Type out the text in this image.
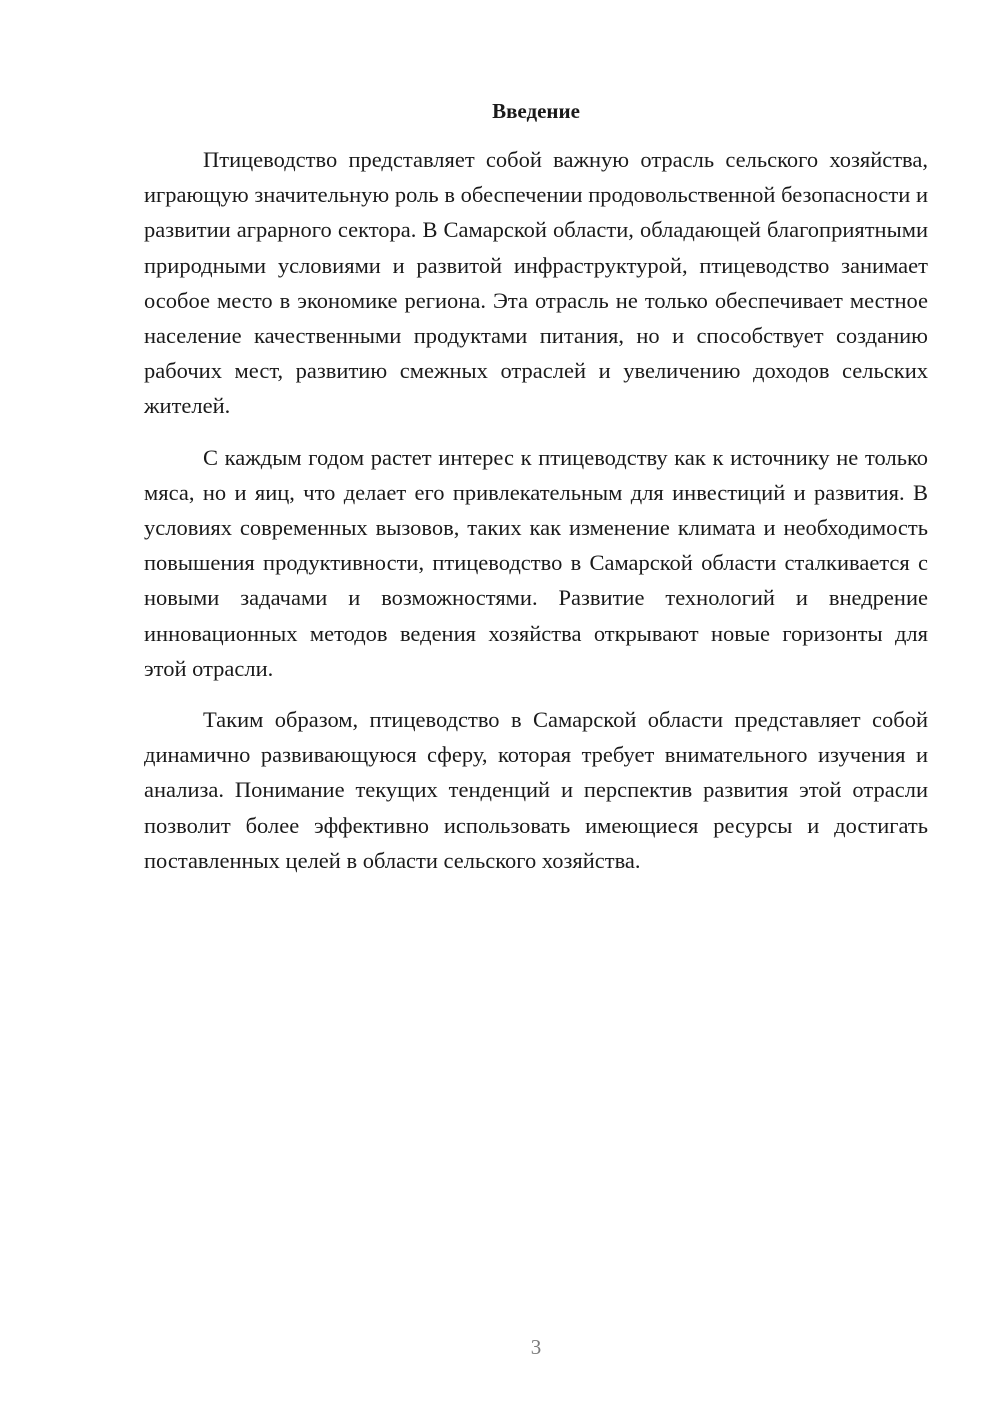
Введение

Птицеводство представляет собой важную отрасль сельского хозяйства, играющую значительную роль в обеспечении продовольственной безопасности и развитии аграрного сектора. В Самарской области, обладающей благоприятными природными условиями и развитой инфраструктурой, птицеводство занимает особое место в экономике региона. Эта отрасль не только обеспечивает местное население качественными продуктами питания, но и способствует созданию рабочих мест, развитию смежных отраслей и увеличению доходов сельских жителей.

С каждым годом растет интерес к птицеводству как к источнику не только мяса, но и яиц, что делает его привлекательным для инвестиций и развития. В условиях современных вызовов, таких как изменение климата и необходимость повышения продуктивности, птицеводство в Самарской области сталкивается с новыми задачами и возможностями. Развитие технологий и внедрение инновационных методов ведения хозяйства открывают новые горизонты для этой отрасли.

Таким образом, птицеводство в Самарской области представляет собой динамично развивающуюся сферу, которая требует внимательного изучения и анализа. Понимание текущих тенденций и перспектив развития этой отрасли позволит более эффективно использовать имеющиеся ресурсы и достигать поставленных целей в области сельского хозяйства.

3
